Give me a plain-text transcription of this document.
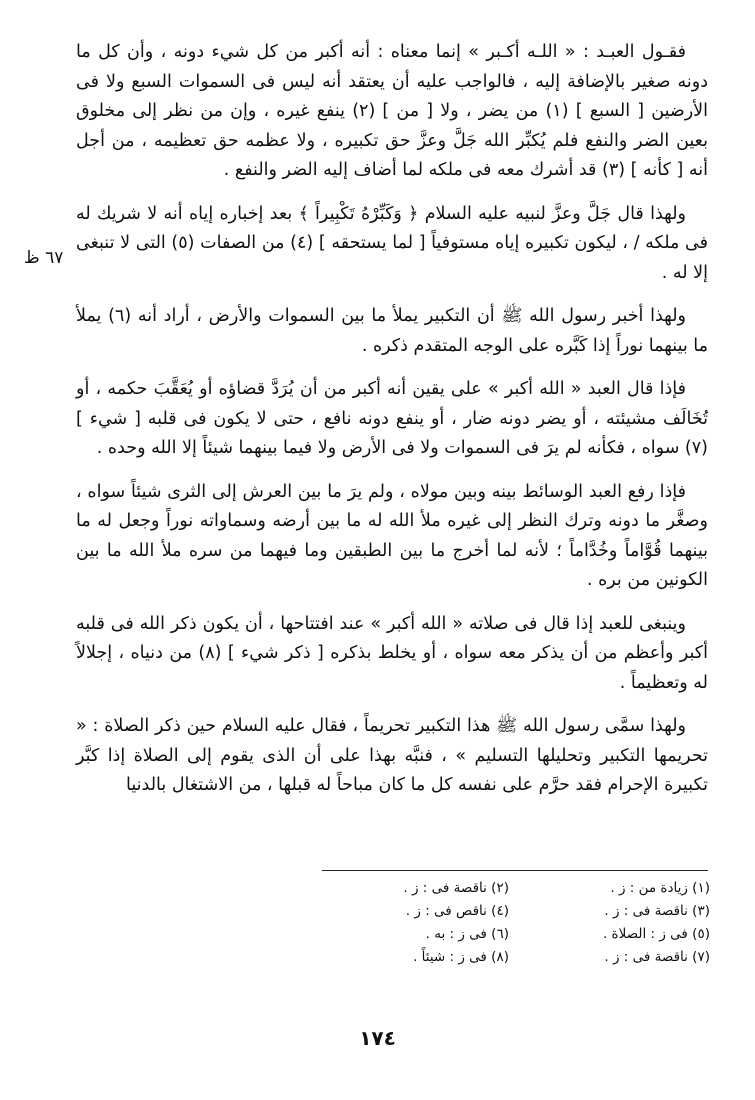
فقـول العبـد : « اللـه أكـبر » إنما معناه : أنه أكبر من كل شيء دونه ، وأن كل ما دونه صغير بالإضافة إليه ، فالواجب عليه أن يعتقد أنه ليس فى السموات السبع ولا فى الأرضين [ السبع ] (١) من يضر ، ولا [ من ] (٢) ينفع غيره ، وإن من نظر إلى مخلوق بعين الضر والنفع فلم يُكبِّر الله جَلَّ وعزَّ حق تكبيره ، ولا عظمه حق تعظيمه ، من أجل أنه [ كأنه ] (٣) قد أشرك معه فى ملكه لما أضاف إليه الضر والنفع .

ولهذا قال جَلَّ وعزَّ لنبيه عليه السلام ﴿ وَكَبِّرْهُ تَكْبِيراً ﴾ بعد إخباره إياه أنه لا شريك له فى ملكه / ، ليكون تكبيره إياه مستوفياً [ لما يستحقه ] (٤) من الصفات (٥) التى لا تنبغى إلا له .

ولهذا أخبر رسول الله ﷺ أن التكبير يملأ ما بين السموات والأرض ، أراد أنه (٦) يملأ ما بينهما نوراً إذا كَبَّره على الوجه المتقدم ذكره .

فإذا قال العبد « الله أكبر » على يقين أنه أكبر من أن يُرَدَّ قضاؤه أو يُعَقَّبَ حكمه ، أو تُخَالَف مشيئته ، أو يضر دونه ضار ، أو ينفع دونه نافع ، حتى لا يكون فى قلبه [ شيء ] (٧) سواه ، فكأنه لم يرَ فى السموات ولا فى الأرض ولا فيما بينهما شيئاً إلا الله وحده .

فإذا رفع العبد الوسائط بينه وبين مولاه ، ولم يرَ ما بين العرش إلى الثرى شيئاً سواه ، وصغَّر ما دونه وترك النظر إلى غيره ملأ الله له ما بين أرضه وسماواته نوراً وجعل له ما بينهما قُوَّاماً وخُدَّاماً ؛ لأنه لما أخرج ما بين الطبقين وما فيهما من سره ملأ الله ما بين الكونين من بره .

وينبغى للعبد إذا قال فى صلاته « الله أكبر » عند افتتاحها ، أن يكون ذكر الله فى قلبه أكبر وأعظم من أن يذكر معه سواه ، أو يخلط بذكره [ ذكر شيء ] (٨) من دنياه ، إجلالاً له وتعظيماً .

ولهذا سمَّى رسول الله ﷺ هذا التكبير تحريماً ، فقال عليه السلام حين ذكر الصلاة : « تحريمها التكبير وتحليلها التسليم » ، فنبَّه بهذا على أن الذى يقوم إلى الصلاة إذا كبَّر تكبيرة الإحرام فقد حرَّم على نفسه كل ما كان مباحاً له قبلها ، من الاشتغال بالدنيا

٦٧ ظ
(١) زيادة من : ز .
(٢) ناقصة فى : ز .
(٣) ناقصة فى : ز .
(٤) ناقص فى : ز .
(٥) فى ز : الصلاة .
(٦) فى ز : به .
(٧) ناقصة فى : ز .
(٨) فى ز : شيئاً .
١٧٤
